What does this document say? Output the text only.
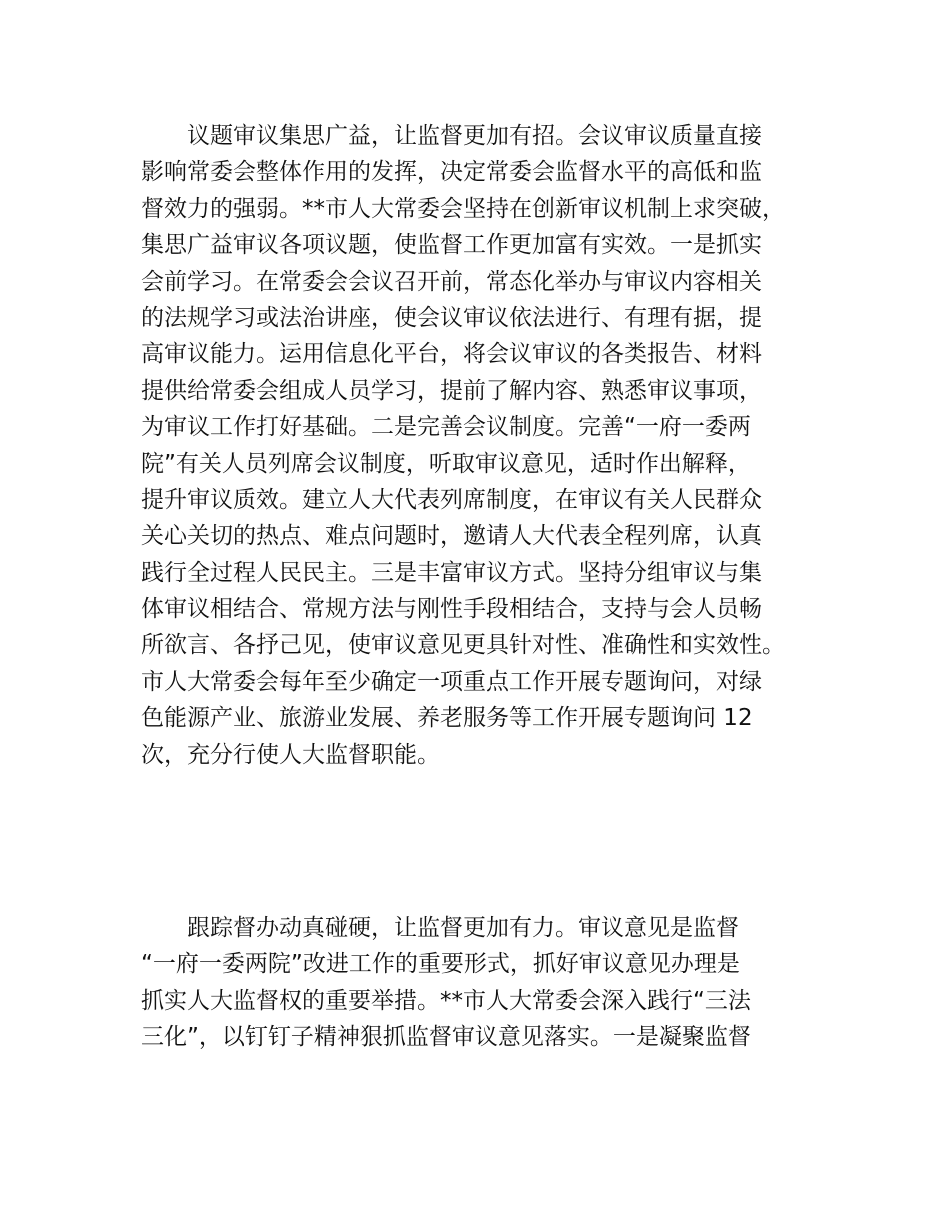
议题审议集思广益，让监督更加有招。会议审议质量直接
影响常委会整体作用的发挥，决定常委会监督水平的高低和监
督效力的强弱。**市人大常委会坚持在创新审议机制上求突破，
集思广益审议各项议题，使监督工作更加富有实效。一是抓实
会前学习。在常委会会议召开前，常态化举办与审议内容相关
的法规学习或法治讲座，使会议审议依法进行、有理有据，提
高审议能力。运用信息化平台，将会议审议的各类报告、材料
提供给常委会组成人员学习，提前了解内容、熟悉审议事项，
为审议工作打好基础。二是完善会议制度。完善“一府一委两
院”有关人员列席会议制度，听取审议意见，适时作出解释，
提升审议质效。建立人大代表列席制度，在审议有关人民群众
关心关切的热点、难点问题时，邀请人大代表全程列席，认真
践行全过程人民民主。三是丰富审议方式。坚持分组审议与集
体审议相结合、常规方法与刚性手段相结合，支持与会人员畅
所欲言、各抒己见，使审议意见更具针对性、准确性和实效性。
市人大常委会每年至少确定一项重点工作开展专题询问，对绿
色能源产业、旅游业发展、养老服务等工作开展专题询问 12
次，充分行使人大监督职能。
跟踪督办动真碰硬，让监督更加有力。审议意见是监督
“一府一委两院”改进工作的重要形式，抓好审议意见办理是
抓实人大监督权的重要举措。**市人大常委会深入践行“三法
三化”，以钉钉子精神狠抓监督审议意见落实。一是凝聚监督
